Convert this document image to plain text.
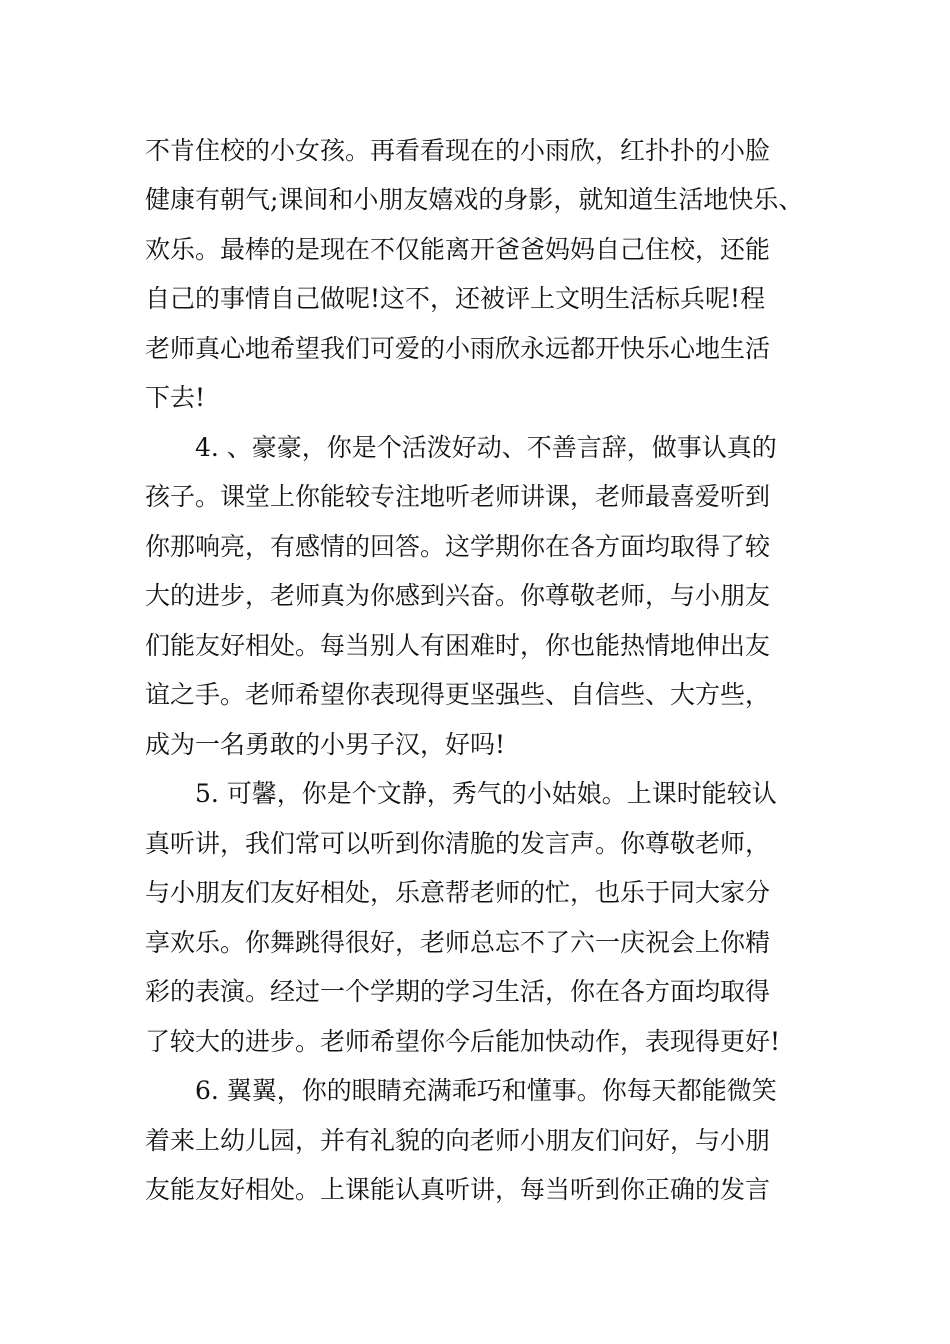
不肯住校的小女孩。再看看现在的小雨欣，红扑扑的小脸
健康有朝气;课间和小朋友嬉戏的身影，就知道生活地快乐、
欢乐。最棒的是现在不仅能离开爸爸妈妈自己住校，还能
自己的事情自己做呢!这不，还被评上文明生活标兵呢!程
老师真心地希望我们可爱的小雨欣永远都开快乐心地生活
下去!
4. 、豪豪，你是个活泼好动、不善言辞，做事认真的
孩子。课堂上你能较专注地听老师讲课，老师最喜爱听到
你那响亮，有感情的回答。这学期你在各方面均取得了较
大的进步，老师真为你感到兴奋。你尊敬老师，与小朋友
们能友好相处。每当别人有困难时，你也能热情地伸出友
谊之手。老师希望你表现得更坚强些、自信些、大方些，
成为一名勇敢的小男子汉，好吗!
5. 可馨，你是个文静，秀气的小姑娘。上课时能较认
真听讲，我们常可以听到你清脆的发言声。你尊敬老师，
与小朋友们友好相处，乐意帮老师的忙，也乐于同大家分
享欢乐。你舞跳得很好，老师总忘不了六一庆祝会上你精
彩的表演。经过一个学期的学习生活，你在各方面均取得
了较大的进步。老师希望你今后能加快动作，表现得更好!
6. 翼翼，你的眼睛充满乖巧和懂事。你每天都能微笑
着来上幼儿园，并有礼貌的向老师小朋友们问好，与小朋
友能友好相处。上课能认真听讲，每当听到你正确的发言
